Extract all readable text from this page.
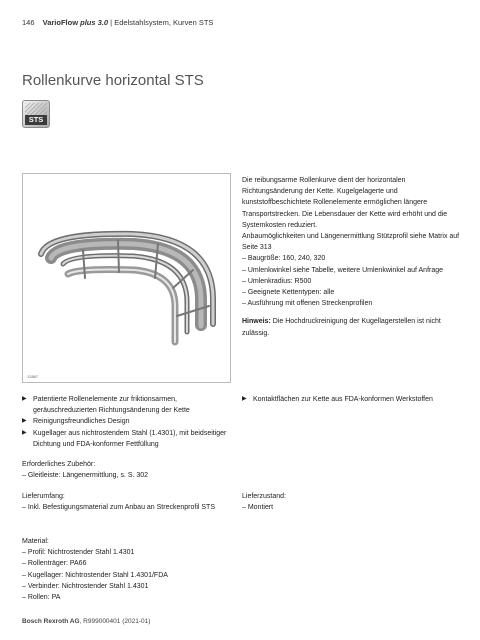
146 VarioFlow plus 3.0 | Edelstahlsystem, Kurven STS
Rollenkurve horizontal STS
STS
12867

Die reibungsarme Rollenkurve dient der horizontalen Richtungsänderung der Kette. Kugelgelagerte und kunststoffbeschichtete Rollenelemente ermöglichen längere Transportstrecken. Die Lebensdauer der Kette wird erhöht und die Systemkosten reduziert.

Anbaumöglichkeiten und Längenermittlung Stützprofil siehe Matrix auf Seite 313

– Baugröße: 160, 240, 320
– Umlenkwinkel siehe Tabelle, weitere Umlenkwinkel auf Anfrage
– Umlenkradius: R500
– Geeignete Kettentypen: alle
– Ausführung mit offenen Streckenprofilen

Hinweis: Die Hochdruckreinigung der Kugellagerstellen ist nicht zulässig.

▶ Patentierte Rollenelemente zur friktionsarmen, geräuschreduzierten Richtungsänderung der Kette
▶ Reinigungsfreundliches Design
▶ Kugellager aus nichtrostendem Stahl (1.4301), mit beidseitiger Dichtung und FDA-konformer Fettfüllung
▶ Kontaktflächen zur Kette aus FDA-konformen Werkstoffen
Erforderliches Zubehör:
– Gleitleiste: Längenermittlung, s. S. 302
Lieferumfang:
– Inkl. Befestigungsmaterial zum Anbau an Streckenprofil STS
Lieferzustand:
– Montiert
Material:
– Profil: Nichtrostender Stahl 1.4301
– Rollenträger: PA66
– Kugellager: Nichtrostender Stahl 1.4301/FDA
– Verbinder: Nichtrostender Stahl 1.4301
– Rollen: PA
Bosch Rexroth AG, R999000401 (2021-01)
